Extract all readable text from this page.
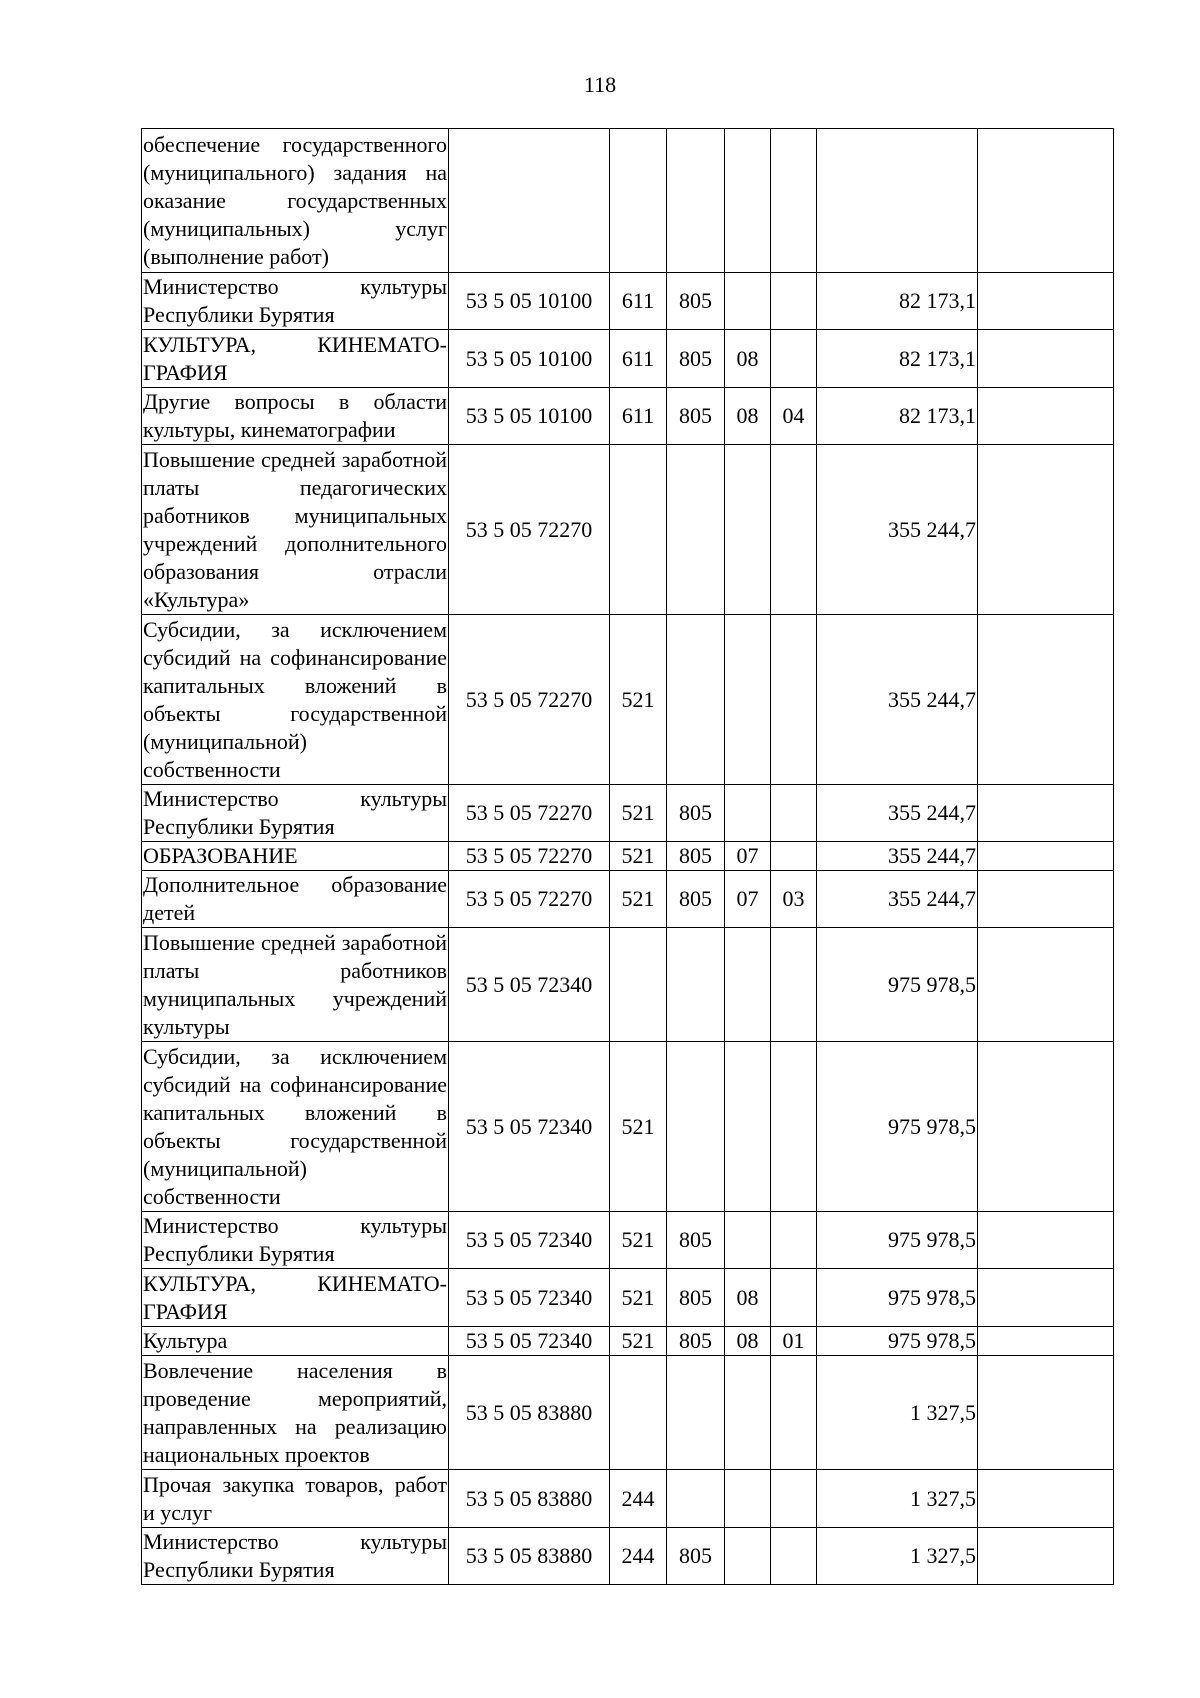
118
обеспечение государственного (муниципального) задания на оказание государственных (муниципальных) услуг (выполнение работ)							
Министерство культуры Республики Бурятия	53 5 05 10100	611	805			82 173,1	
КУЛЬТУРА, КИНЕМАТОГРАФИЯ	53 5 05 10100	611	805	08		82 173,1	
Другие вопросы в области культуры, кинематографии	53 5 05 10100	611	805	08	04	82 173,1	
Повышение средней заработной платы педагогических работников муниципальных учреждений дополнительного образования отрасли «Культура»	53 5 05 72270					355 244,7	
Субсидии, за исключением субсидий на софинансирование капитальных вложений в объекты государственной (муниципальной) собственности	53 5 05 72270	521				355 244,7	
Министерство культуры Республики Бурятия	53 5 05 72270	521	805			355 244,7	
ОБРАЗОВАНИЕ	53 5 05 72270	521	805	07		355 244,7	
Дополнительное образование детей	53 5 05 72270	521	805	07	03	355 244,7	
Повышение средней заработной платы работников муниципальных учреждений культуры	53 5 05 72340					975 978,5	
Субсидии, за исключением субсидий на софинансирование капитальных вложений в объекты государственной (муниципальной) собственности	53 5 05 72340	521				975 978,5	
Министерство культуры Республики Бурятия	53 5 05 72340	521	805			975 978,5	
КУЛЬТУРА, КИНЕМАТОГРАФИЯ	53 5 05 72340	521	805	08		975 978,5	
Культура	53 5 05 72340	521	805	08	01	975 978,5	
Вовлечение населения в проведение мероприятий, направленных на реализацию национальных проектов	53 5 05 83880					1 327,5	
Прочая закупка товаров, работ и услуг	53 5 05 83880	244				1 327,5	
Министерство культуры Республики Бурятия	53 5 05 83880	244	805			1 327,5	
